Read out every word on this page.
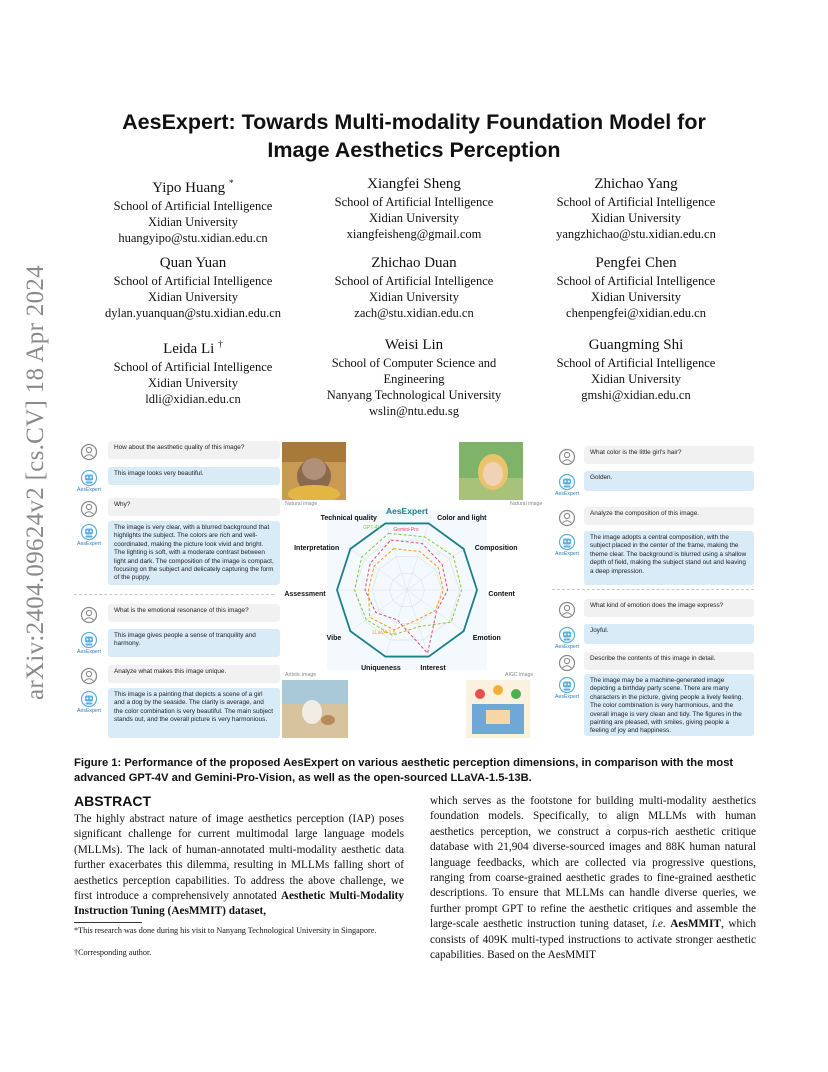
arXiv:2404.09624v2 [cs.CV] 18 Apr 2024
AesExpert: Towards Multi-modality Foundation Model for
Image Aesthetics Perception
Yipo Huang *
School of Artificial Intelligence
Xidian University
huangyipo@stu.xidian.edu.cn
Xiangfei Sheng
School of Artificial Intelligence
Xidian University
xiangfeisheng@gmail.com
Zhichao Yang
School of Artificial Intelligence
Xidian University
yangzhichao@stu.xidian.edu.cn
Quan Yuan
School of Artificial Intelligence
Xidian University
dylan.yuanquan@stu.xidian.edu.cn
Zhichao Duan
School of Artificial Intelligence
Xidian University
zach@stu.xidian.edu.cn
Pengfei Chen
School of Artificial Intelligence
Xidian University
chenpengfei@xidian.edu.cn
Leida Li †
School of Artificial Intelligence
Xidian University
ldli@xidian.edu.cn
Weisi Lin
School of Computer Science and
Engineering
Nanyang Technological University
wslin@ntu.edu.sg
Guangming Shi
School of Artificial Intelligence
Xidian University
gmshi@xidian.edu.cn
How about the aesthetic quality of this image?
AesExpert
This image looks very beautiful.
Why?
AesExpert
The image is very clear, with a blurred background that highlights the subject. The colors are rich and well-coordinated, making the picture look vivid and bright. The lighting is soft, with a moderate contrast between light and dark. The composition of the image is compact, focusing on the subject and delicately capturing the form of the puppy.
What is the emotional resonance of this image?
AesExpert
This image gives people a sense of tranquility and harmony.
Analyze what makes this image unique.
AesExpert
This image is a painting that depicts a scene of a girl and a dog by the seaside. The clarity is average, and the color combination is very beautiful. The main subject stands out, and the overall picture is very harmonious.
What color is the little girl's hair?
AesExpert
Golden.
Analyze the composition of this image.
AesExpert
The image adopts a central composition, with the subject placed in the center of the frame, making the theme clear. The background is blurred using a shallow depth of field, making the subject stand out and leaving a deep impression.
What kind of emotion does the image express?
AesExpert
Joyful.
Describe the contents of this image in detail.
AesExpert
The image may be a machine-generated image depicting a birthday party scene. There are many characters in the picture, giving people a lively feeling. The color combination is very harmonious, and the overall image is very clean and tidy. The figures in the painting are pleased, with smiles, giving people a feeling of joy and happiness.
Natural image	Natural image
Artistic image	AIGC image
AesExpert
GPT-4V Gemini-Pro
LLaVA-1.5
Technical quality	Color and light
Composition
Content
Emotion
Interest
Uniqueness
Vibe
Assessment
Interpretation
Figure 1: Performance of the proposed AesExpert on various aesthetic perception dimensions, in comparison with the most advanced GPT-4V and Gemini-Pro-Vision, as well as the open-sourced LLaVA-1.5-13B.
ABSTRACT

The highly abstract nature of image aesthetics perception (IAP) poses significant challenge for current multimodal large language models (MLLMs). The lack of human-annotated multi-modality aesthetic data further exacerbates this dilemma, resulting in MLLMs falling short of aesthetics perception capabilities. To address the above challenge, we first introduce a comprehensively annotated Aesthetic Multi-Modality Instruction Tuning (AesMMIT) dataset,

*This research was done during his visit to Nanyang Technological University in Singapore.
†Corresponding author.

which serves as the footstone for building multi-modality aesthetics foundation models. Specifically, to align MLLMs with human aesthetics perception, we construct a corpus-rich aesthetic critique database with 21,904 diverse-sourced images and 88K human natural language feedbacks, which are collected via progressive questions, ranging from coarse-grained aesthetic grades to fine-grained aesthetic descriptions. To ensure that MLLMs can handle diverse queries, we further prompt GPT to refine the aesthetic critiques and assemble the large-scale aesthetic instruction tuning dataset, i.e. AesMMIT, which consists of 409K multi-typed instructions to activate stronger aesthetic capabilities. Based on the AesMMIT
